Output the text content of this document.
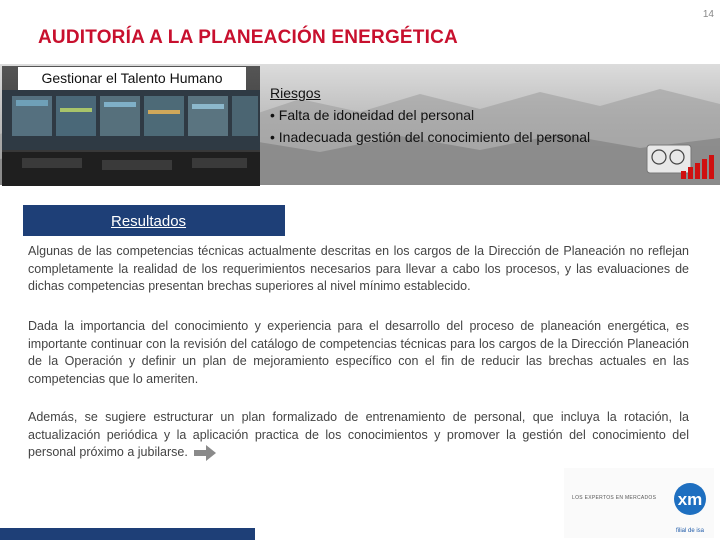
14
AUDITORÍA A LA PLANEACIÓN ENERGÉTICA
Gestionar el Talento Humano
Riesgos
• Falta de idoneidad del personal
• Inadecuada gestión del conocimiento del personal
Resultados
Algunas de las competencias técnicas actualmente descritas en los cargos de la Dirección de Planeación no reflejan completamente la realidad de los requerimientos necesarios para llevar a cabo los procesos, y las evaluaciones de dichas competencias presentan brechas superiores al nivel mínimo establecido.
Dada la importancia del conocimiento y experiencia para el desarrollo del proceso de planeación energética, es importante continuar con la revisión del catálogo de competencias técnicas para los cargos de la Dirección Planeación de la Operación y definir un plan de mejoramiento específico con el fin de reducir las brechas actuales en las competencias que lo ameriten.
Además, se sugiere estructurar un plan formalizado de entrenamiento de personal, que incluya la rotación, la actualización periódica y la aplicación practica de los conocimientos y promover la gestión del conocimiento del personal próximo a jubilarse.
LOS EXPERTOS EN MERCADOS xm
filial de isa
